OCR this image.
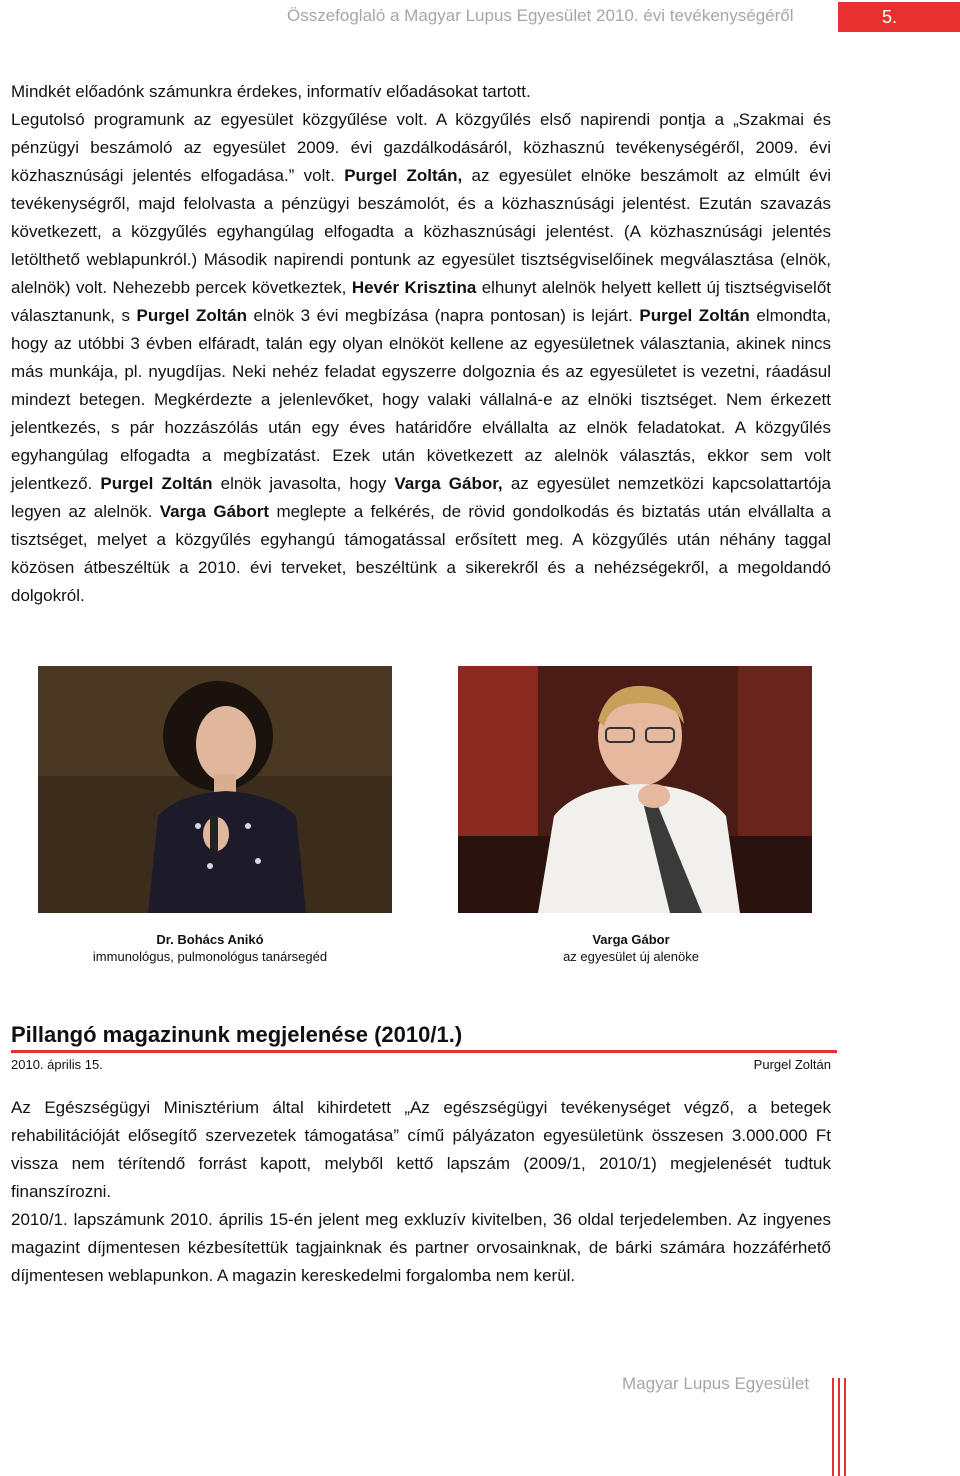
Összefoglaló a Magyar Lupus Egyesület 2010. évi tevékenységéről	5.

Mindkét előadónk számunkra érdekes, informatív előadásokat tartott.

Legutolsó programunk az egyesület közgyűlése volt. A közgyűlés első napirendi pontja a „Szakmai és pénzügyi beszámoló az egyesület 2009. évi gazdálkodásáról, közhasznú tevékenységéről, 2009. évi közhasznúsági jelentés elfogadása.” volt. Purgel Zoltán, az egyesület elnöke beszámolt az elmúlt évi tevékenységről, majd felolvasta a pénzügyi beszámolót, és a közhasznúsági jelentést. Ezután szavazás következett, a közgyűlés egyhangúlag elfogadta a közhasznúsági jelentést. (A közhasznúsági jelentés letölthető weblapunkról.) Második napirendi pontunk az egyesület tisztségviselőinek megválasztása (elnök, alelnök) volt. Nehezebb percek következtek, Hevér Krisztina elhunyt alelnök helyett kellett új tisztségviselőt választanunk, s Purgel Zoltán elnök 3 évi megbízása (napra pontosan) is lejárt. Purgel Zoltán elmondta, hogy az utóbbi 3 évben elfáradt, talán egy olyan elnököt kellene az egyesületnek választania, akinek nincs más munkája, pl. nyugdíjas. Neki nehéz feladat egyszerre dolgoznia és az egyesületet is vezetni, ráadásul mindezt betegen. Megkérdezte a jelenlevőket, hogy valaki vállalná-e az elnöki tisztséget. Nem érkezett jelentkezés, s pár hozzászólás után egy éves határidőre elvállalta az elnök feladatokat. A közgyűlés egyhangúlag elfogadta a megbízatást. Ezek után következett az alelnök választás, ekkor sem volt jelentkező. Purgel Zoltán elnök javasolta, hogy Varga Gábor, az egyesület nemzetközi kapcsolattartója legyen az alelnök. Varga Gábort meglepte a felkérés, de rövid gondolkodás és biztatás után elvállalta a tisztséget, melyet a közgyűlés egyhangú támogatással erősített meg. A közgyűlés után néhány taggal közösen átbeszéltük a 2010. évi terveket, beszéltünk a sikerekről és a nehézségekről, a megoldandó dolgokról.

Dr. Bohács Anikó
immunológus, pulmonológus tanársegéd
Varga Gábor
az egyesület új alenöke
Pillangó magazinunk megjelenése (2010/1.)
2010. április 15.	Purgel Zoltán

Az Egészségügyi Minisztérium által kihirdetett „Az egészségügyi tevékenységet végző, a betegek rehabilitációját elősegítő szervezetek támogatása” című pályázaton egyesületünk összesen 3.000.000 Ft vissza nem térítendő forrást kapott, melyből kettő lapszám (2009/1, 2010/1) megjelenését tudtuk finanszírozni.

2010/1. lapszámunk 2010. április 15-én jelent meg exkluzív kivitelben, 36 oldal terjedelemben. Az ingyenes magazint díjmentesen kézbesítettük tagjainknak és partner orvosainknak, de bárki számára hozzáférhető díjmentesen weblapunkon. A magazin kereskedelmi forgalomba nem kerül.

Magyar Lupus Egyesület
